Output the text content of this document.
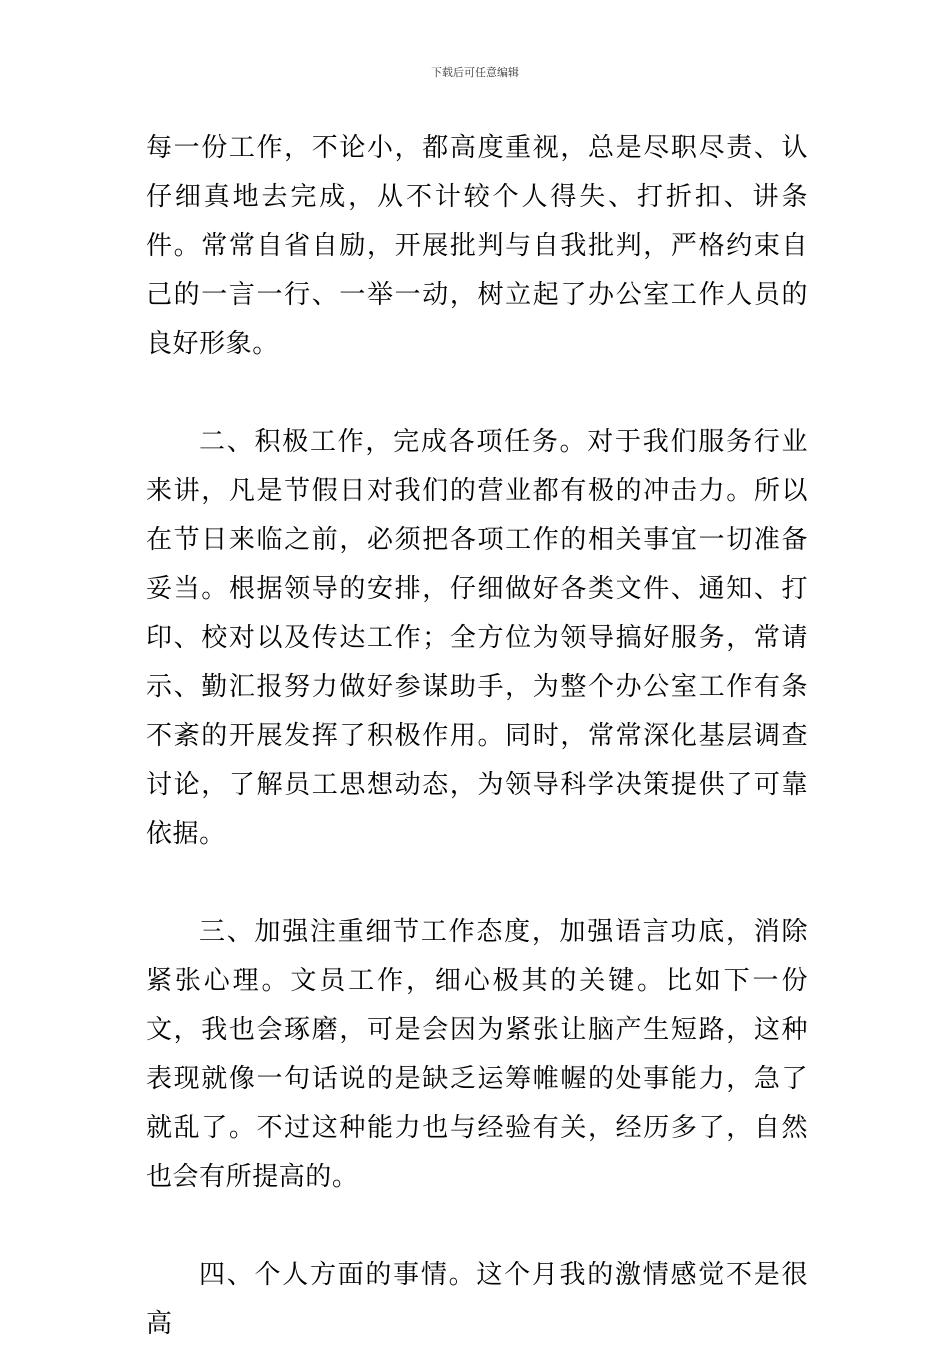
下载后可任意编辑

每一份工作，不论小，都高度重视，总是尽职尽责、认仔细真地去完成，从不计较个人得失、打折扣、讲条件。常常自省自励，开展批判与自我批判，严格约束自己的一言一行、一举一动，树立起了办公室工作人员的良好形象。

二、积极工作，完成各项任务。对于我们服务行业来讲，凡是节假日对我们的营业都有极的冲击力。所以在节日来临之前，必须把各项工作的相关事宜一切准备妥当。根据领导的安排，仔细做好各类文件、通知、打印、校对以及传达工作；全方位为领导搞好服务，常请示、勤汇报努力做好参谋助手，为整个办公室工作有条不紊的开展发挥了积极作用。同时，常常深化基层调查讨论，了解员工思想动态，为领导科学决策提供了可靠依据。

三、加强注重细节工作态度，加强语言功底，消除紧张心理。文员工作，细心极其的关键。比如下一份文，我也会琢磨，可是会因为紧张让脑产生短路，这种表现就像一句话说的是缺乏运筹帷幄的处事能力，急了就乱了。不过这种能力也与经验有关，经历多了，自然也会有所提高的。

四、个人方面的事情。这个月我的激情感觉不是很高
